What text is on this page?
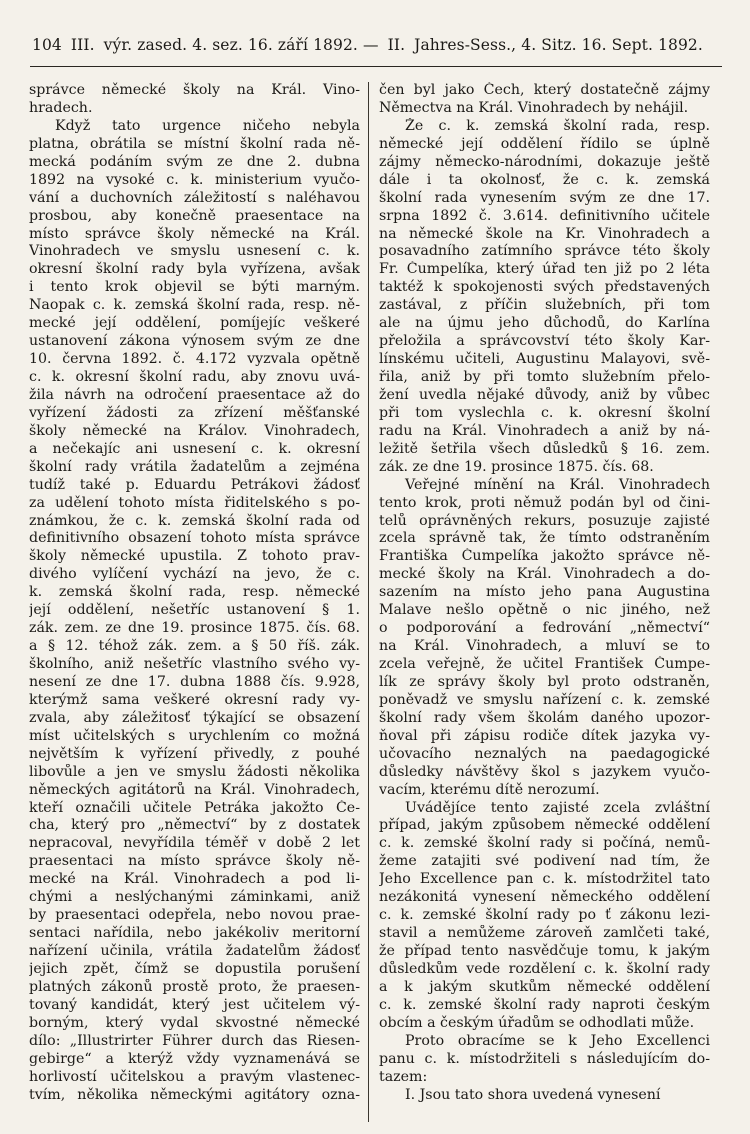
104 III. výr. zased. 4. sez. 16. září 1892. — II. Jahres-Sess., 4. Sitz. 16. Sept. 1892.
správce německé školy na Král. Vino-
hradech.
Když tato urgence ničeho nebyla
platna, obrátila se místní školní rada ně-
mecká podáním svým ze dne 2. dubna
1892 na vysoké c. k. ministerium vyučo-
vání a duchovních záležitostí s naléhavou
prosbou, aby konečně praesentace na
místo správce školy německé na Král.
Vinohradech ve smyslu usnesení c. k.
okresní školní rady byla vyřízena, avšak
i tento krok objevil se býti marným.
Naopak c. k. zemská školní rada, resp. ně-
mecké její oddělení, pomíjejíc veškeré
ustanovení zákona výnosem svým ze dne
10. června 1892. č. 4.172 vyzvala opětně
c. k. okresní školní radu, aby znovu uvá-
žila návrh na odročení praesentace až do
vyřízení žádosti za zřízení měšťanské
školy německé na Králov. Vinohradech,
a nečekajíc ani usnesení c. k. okresní
školní rady vrátila žadatelům a zejména
tudíž také p. Eduardu Petrákovi žádosť
za udělení tohoto místa řiditelského s po-
známkou, že c. k. zemská školní rada od
definitivního obsazení tohoto místa správce
školy německé upustila. Z tohoto prav-
divého vylíčení vychází na jevo, že c.
k. zemská školní rada, resp. německé
její oddělení, nešetříc ustanovení § 1.
zák. zem. ze dne 19. prosince 1875. čís. 68.
a § 12. téhož zák. zem. a § 50 říš. zák.
školního, aniž nešetříc vlastního svého vy-
nesení ze dne 17. dubna 1888 čís. 9.928,
kterýmž sama veškeré okresní rady vy-
zvala, aby záležitosť týkající se obsazení
míst učitelských s urychlením co možná
největším k vyřízení přivedly, z pouhé
libovůle a jen ve smyslu žádosti několika
německých agitátorů na Král. Vinohradech,
kteří označili učitele Petráka jakožto Če-
cha, který pro „němectví“ by z dostatek
nepracoval, nevyřídila téměř v době 2 let
praesentaci na místo správce školy ně-
mecké na Král. Vinohradech a pod li-
chými a neslýchanými záminkami, aniž
by praesentaci odepřela, nebo novou prae-
sentaci nařídila, nebo jakékoliv meritorní
nařízení učinila, vrátila žadatelům žádosť
jejich zpět, čímž se dopustila porušení
platných zákonů prostě proto, že praesen-
tovaný kandidát, který jest učitelem vý-
borným, který vydal skvostné německé
dílo: „Illustrirter Führer durch das Riesen-
gebirge“ a kterýž vždy vyznamenává se
horlivostí učitelskou a pravým vlastenec-
tvím, několika německými agitátory ozna-
čen byl jako Čech, který dostatečně zájmy
Němectva na Král. Vinohradech by nehájil.
Že c. k. zemská školní rada, resp.
německé její oddělení řídilo se úplně
zájmy německo-národními, dokazuje ještě
dále i ta okolnosť, že c. k. zemská
školní rada vynesením svým ze dne 17.
srpna 1892 č. 3.614. definitivního učitele
na německé škole na Kr. Vinohradech a
posavadního zatímního správce této školy
Fr. Čumpelíka, který úřad ten již po 2 léta
taktéž k spokojenosti svých představených
zastával, z příčin služebních, při tom
ale na újmu jeho důchodů, do Karlína
přeložila a správcovství této školy Kar-
línskému učiteli, Augustinu Malayovi, svě-
řila, aniž by při tomto služebním přelo-
žení uvedla nějaké důvody, aniž by vůbec
při tom vyslechla c. k. okresní školní
radu na Král. Vinohradech a aniž by ná-
ležitě šetřila všech důsledků § 16. zem.
zák. ze dne 19. prosince 1875. čís. 68.
Veřejné mínění na Král. Vinohradech
tento krok, proti němuž podán byl od čini-
telů oprávněných rekurs, posuzuje zajisté
zcela správně tak, že tímto odstraněním
Františka Čumpelíka jakožto správce ně-
mecké školy na Král. Vinohradech a do-
sazením na místo jeho pana Augustina
Malave nešlo opětně o nic jiného, než
o podporování a fedrování „němectví“
na Král. Vinohradech, a mluví se to
zcela veřejně, že učitel František Čumpe-
lík ze správy školy byl proto odstraněn,
poněvadž ve smyslu nařízení c. k. zemské
školní rady všem školám daného upozor-
ňoval při zápisu rodiče dítek jazyka vy-
učovacího neznalých na paedagogické
důsledky návštěvy škol s jazykem vyučo-
vacím, kterému dítě nerozumí.
Uvádějíce tento zajisté zcela zvláštní
případ, jakým způsobem německé oddělení
c. k. zemské školní rady si počíná, nemů-
žeme zatajiti své podivení nad tím, že
Jeho Excellence pan c. k. místodržitel tato
nezákonitá vynesení německého oddělení
c. k. zemské školní rady po ť zákonu lezi-
stavil a nemůžeme zároveň zamlčeti také,
že případ tento nasvědčuje tomu, k jakým
důsledkům vede rozdělení c. k. školní rady
a k jakým skutkům německé oddělení
c. k. zemské školní rady naproti českým
obcím a českým úřadům se odhodlati může.
Proto obracíme se k Jeho Excellenci
panu c. k. místodržiteli s následujícím do-
tazem:
I. Jsou tato shora uvedená vynesení
